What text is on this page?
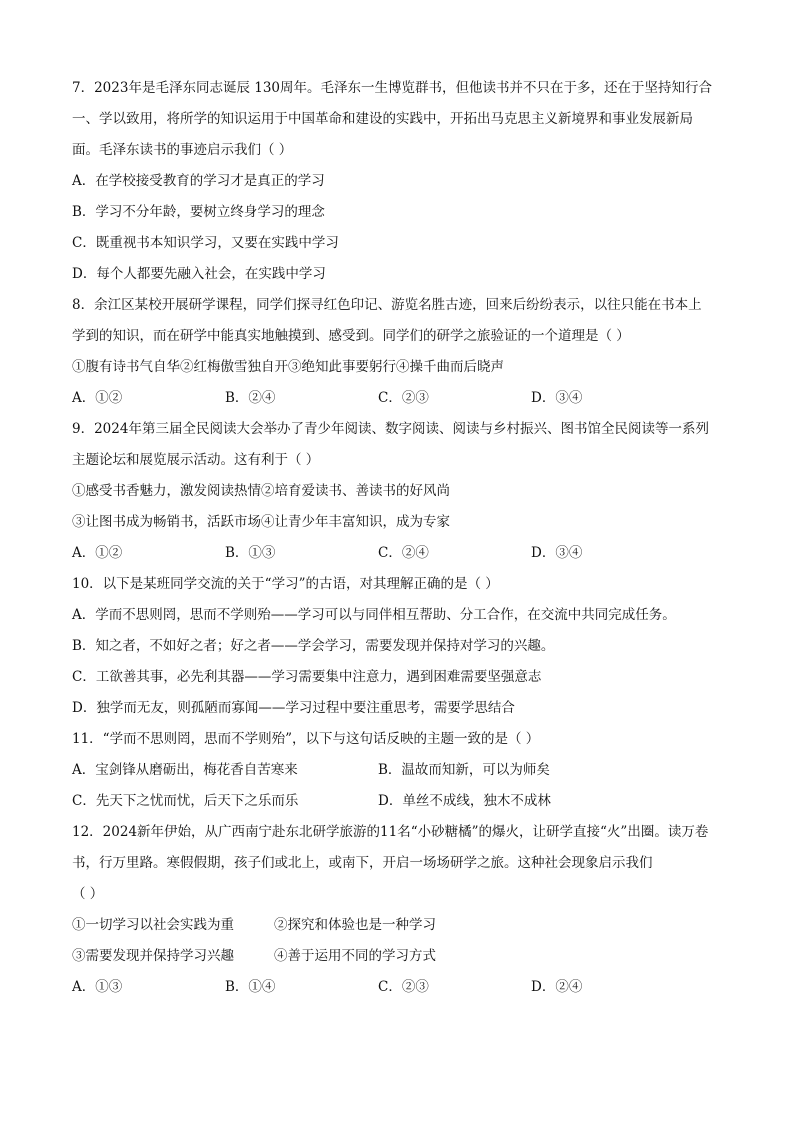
7．2023年是毛泽东同志诞辰 130周年。毛泽东一生博览群书，但他读书并不只在于多，还在于坚持知行合
一、学以致用，将所学的知识运用于中国革命和建设的实践中，开拓出马克思主义新境界和事业发展新局
面。毛泽东读书的事迹启示我们（ ）
A．在学校接受教育的学习才是真正的学习
B．学习不分年龄，要树立终身学习的理念
C．既重视书本知识学习，又要在实践中学习
D．每个人都要先融入社会，在实践中学习
8．余江区某校开展研学课程，同学们探寻红色印记、游览名胜古迹，回来后纷纷表示，以往只能在书本上
学到的知识，而在研学中能真实地触摸到、感受到。同学们的研学之旅验证的一个道理是（ ）
①腹有诗书气自华②红梅傲雪独自开③绝知此事要躬行④操千曲而后晓声
A．①②	B．②④	C．②③	D．③④
9．2024年第三届全民阅读大会举办了青少年阅读、数字阅读、阅读与乡村振兴、图书馆全民阅读等一系列
主题论坛和展览展示活动。这有利于（ ）
①感受书香魅力，激发阅读热情②培育爱读书、善读书的好风尚
③让图书成为畅销书，活跃市场④让青少年丰富知识，成为专家
A．①②	B．①③	C．②④	D．③④
10．以下是某班同学交流的关于“学习”的古语，对其理解正确的是（ ）
A．学而不思则罔，思而不学则殆——学习可以与同伴相互帮助、分工合作，在交流中共同完成任务。
B．知之者，不如好之者；好之者——学会学习，需要发现并保持对学习的兴趣。
C．工欲善其事，必先利其器——学习需要集中注意力，遇到困难需要坚强意志
D．独学而无友，则孤陋而寡闻——学习过程中要注重思考，需要学思结合
11．“学而不思则罔，思而不学则殆”，以下与这句话反映的主题一致的是（ ）
A．宝剑锋从磨砺出，梅花香自苦寒来	B．温故而知新，可以为师矣
C．先天下之忧而忧，后天下之乐而乐	D．单丝不成线，独木不成林
12．2024新年伊始，从广西南宁赴东北研学旅游的11名“小砂糖橘”的爆火，让研学直接“火”出圈。读万卷
书，行万里路。寒假假期，孩子们或北上，或南下，开启一场场研学之旅。这种社会现象启示我们
（ ）
①一切学习以社会实践为重	②探究和体验也是一种学习
③需要发现并保持学习兴趣	④善于运用不同的学习方式
A．①③	B．①④	C．②③	D．②④
